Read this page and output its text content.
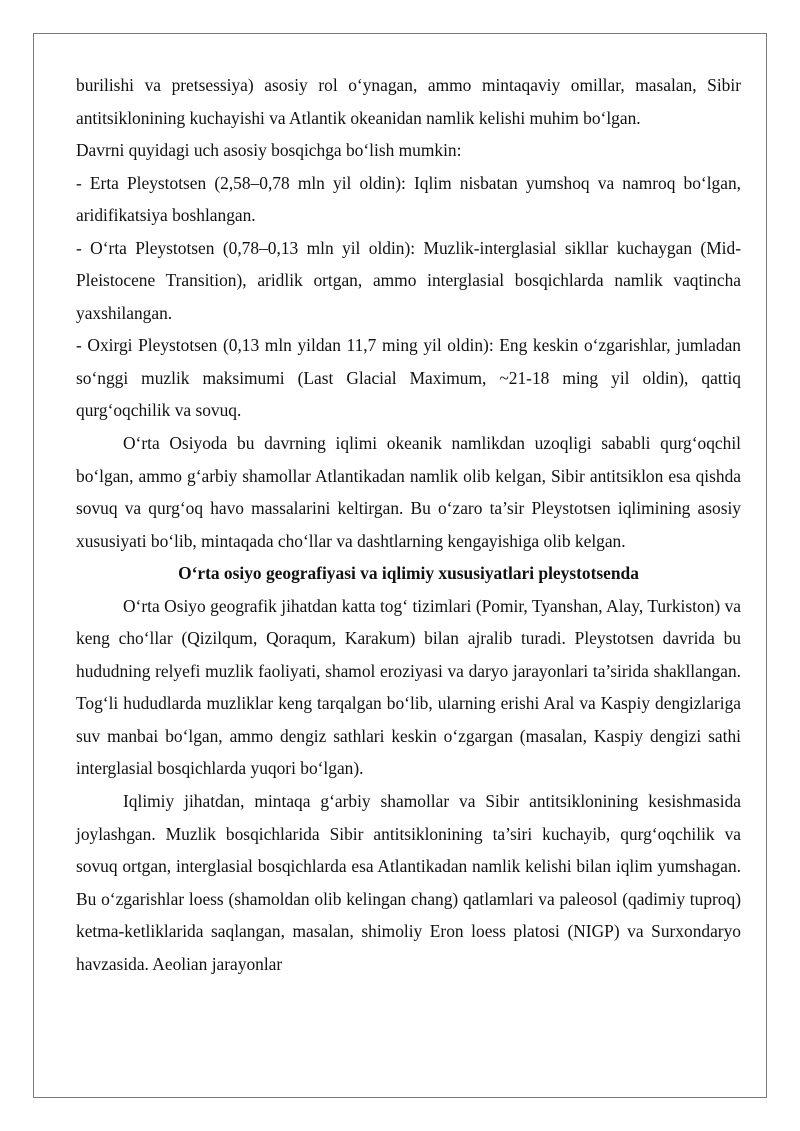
burilishi va pretsessiya) asosiy rol o‘ynagan, ammo mintaqaviy omillar, masalan, Sibir antitsiklonining kuchayishi va Atlantik okeanidan namlik kelishi muhim bo‘lgan.

Davrni quyidagi uch asosiy bosqichga bo‘lish mumkin:

- Erta Pleystotsen (2,58–0,78 mln yil oldin): Iqlim nisbatan yumshoq va namroq bo‘lgan, aridifikatsiya boshlangan.

- O‘rta Pleystotsen (0,78–0,13 mln yil oldin): Muzlik-interglasial sikllar kuchaygan (Mid-Pleistocene Transition), aridlik ortgan, ammo interglasial bosqichlarda namlik vaqtincha yaxshilangan.

- Oxirgi Pleystotsen (0,13 mln yildan 11,7 ming yil oldin): Eng keskin o‘zgarishlar, jumladan so‘nggi muzlik maksimumi (Last Glacial Maximum, ~21-18 ming yil oldin), qattiq qurg‘oqchilik va sovuq.

O‘rta Osiyoda bu davrning iqlimi okeanik namlikdan uzoqligi sababli qurg‘oqchil bo‘lgan, ammo g‘arbiy shamollar Atlantikadan namlik olib kelgan, Sibir antitsiklon esa qishda sovuq va qurg‘oq havo massalarini keltirgan. Bu o‘zaro ta’sir Pleystotsen iqlimining asosiy xususiyati bo‘lib, mintaqada cho‘llar va dashtlarning kengayishiga olib kelgan.

O‘rta osiyo geografiyasi va iqlimiy xususiyatlari pleystotsenda

O‘rta Osiyo geografik jihatdan katta tog‘ tizimlari (Pomir, Tyanshan, Alay, Turkiston) va keng cho‘llar (Qizilqum, Qoraqum, Karakum) bilan ajralib turadi. Pleystotsen davrida bu hududning relyefi muzlik faoliyati, shamol eroziyasi va daryo jarayonlari ta’sirida shakllangan. Tog‘li hududlarda muzliklar keng tarqalgan bo‘lib, ularning erishi Aral va Kaspiy dengizlariga suv manbai bo‘lgan, ammo dengiz sathlari keskin o‘zgargan (masalan, Kaspiy dengizi sathi interglasial bosqichlarda yuqori bo‘lgan).

Iqlimiy jihatdan, mintaqa g‘arbiy shamollar va Sibir antitsiklonining kesishmasida joylashgan. Muzlik bosqichlarida Sibir antitsiklonining ta’siri kuchayib, qurg‘oqchilik va sovuq ortgan, interglasial bosqichlarda esa Atlantikadan namlik kelishi bilan iqlim yumshagan. Bu o‘zgarishlar loess (shamoldan olib kelingan chang) qatlamlari va paleosol (qadimiy tuproq) ketma-ketliklarida saqlangan, masalan, shimoliy Eron loess platosi (NIGP) va Surxondaryo havzasida. Aeolian jarayonlar
